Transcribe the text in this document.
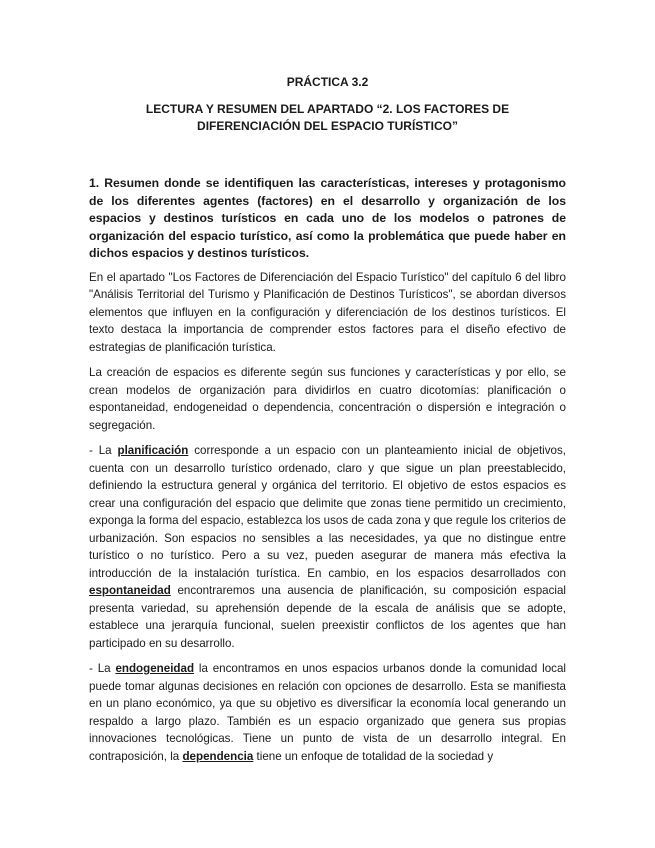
PRÁCTICA 3.2
LECTURA Y RESUMEN DEL APARTADO “2. LOS FACTORES DE DIFERENCIACIÓN DEL ESPACIO TURÍSTICO”

1. Resumen donde se identifiquen las características, intereses y protagonismo de los diferentes agentes (factores) en el desarrollo y organización de los espacios y destinos turísticos en cada uno de los modelos o patrones de organización del espacio turístico, así como la problemática que puede haber en dichos espacios y destinos turísticos.

En el apartado "Los Factores de Diferenciación del Espacio Turístico" del capítulo 6 del libro "Análisis Territorial del Turismo y Planificación de Destinos Turísticos", se abordan diversos elementos que influyen en la configuración y diferenciación de los destinos turísticos. El texto destaca la importancia de comprender estos factores para el diseño efectivo de estrategias de planificación turística.

La creación de espacios es diferente según sus funciones y características y por ello, se crean modelos de organización para dividirlos en cuatro dicotomías: planificación o espontaneidad, endogeneidad o dependencia, concentración o dispersión e integración o segregación.

- La planificación corresponde a un espacio con un planteamiento inicial de objetivos, cuenta con un desarrollo turístico ordenado, claro y que sigue un plan preestablecido, definiendo la estructura general y orgánica del territorio. El objetivo de estos espacios es crear una configuración del espacio que delimite que zonas tiene permitido un crecimiento, exponga la forma del espacio, establezca los usos de cada zona y que regule los criterios de urbanización. Son espacios no sensibles a las necesidades, ya que no distingue entre turístico o no turístico. Pero a su vez, pueden asegurar de manera más efectiva la introducción de la instalación turística. En cambio, en los espacios desarrollados con espontaneidad encontraremos una ausencia de planificación, su composición espacial presenta variedad, su aprehensión depende de la escala de análisis que se adopte, establece una jerarquía funcional, suelen preexistir conflictos de los agentes que han participado en su desarrollo.

- La endogeneidad la encontramos en unos espacios urbanos donde la comunidad local puede tomar algunas decisiones en relación con opciones de desarrollo. Esta se manifiesta en un plano económico, ya que su objetivo es diversificar la economía local generando un respaldo a largo plazo. También es un espacio organizado que genera sus propias innovaciones tecnológicas. Tiene un punto de vista de un desarrollo integral. En contraposición, la dependencia tiene un enfoque de totalidad de la sociedad y
